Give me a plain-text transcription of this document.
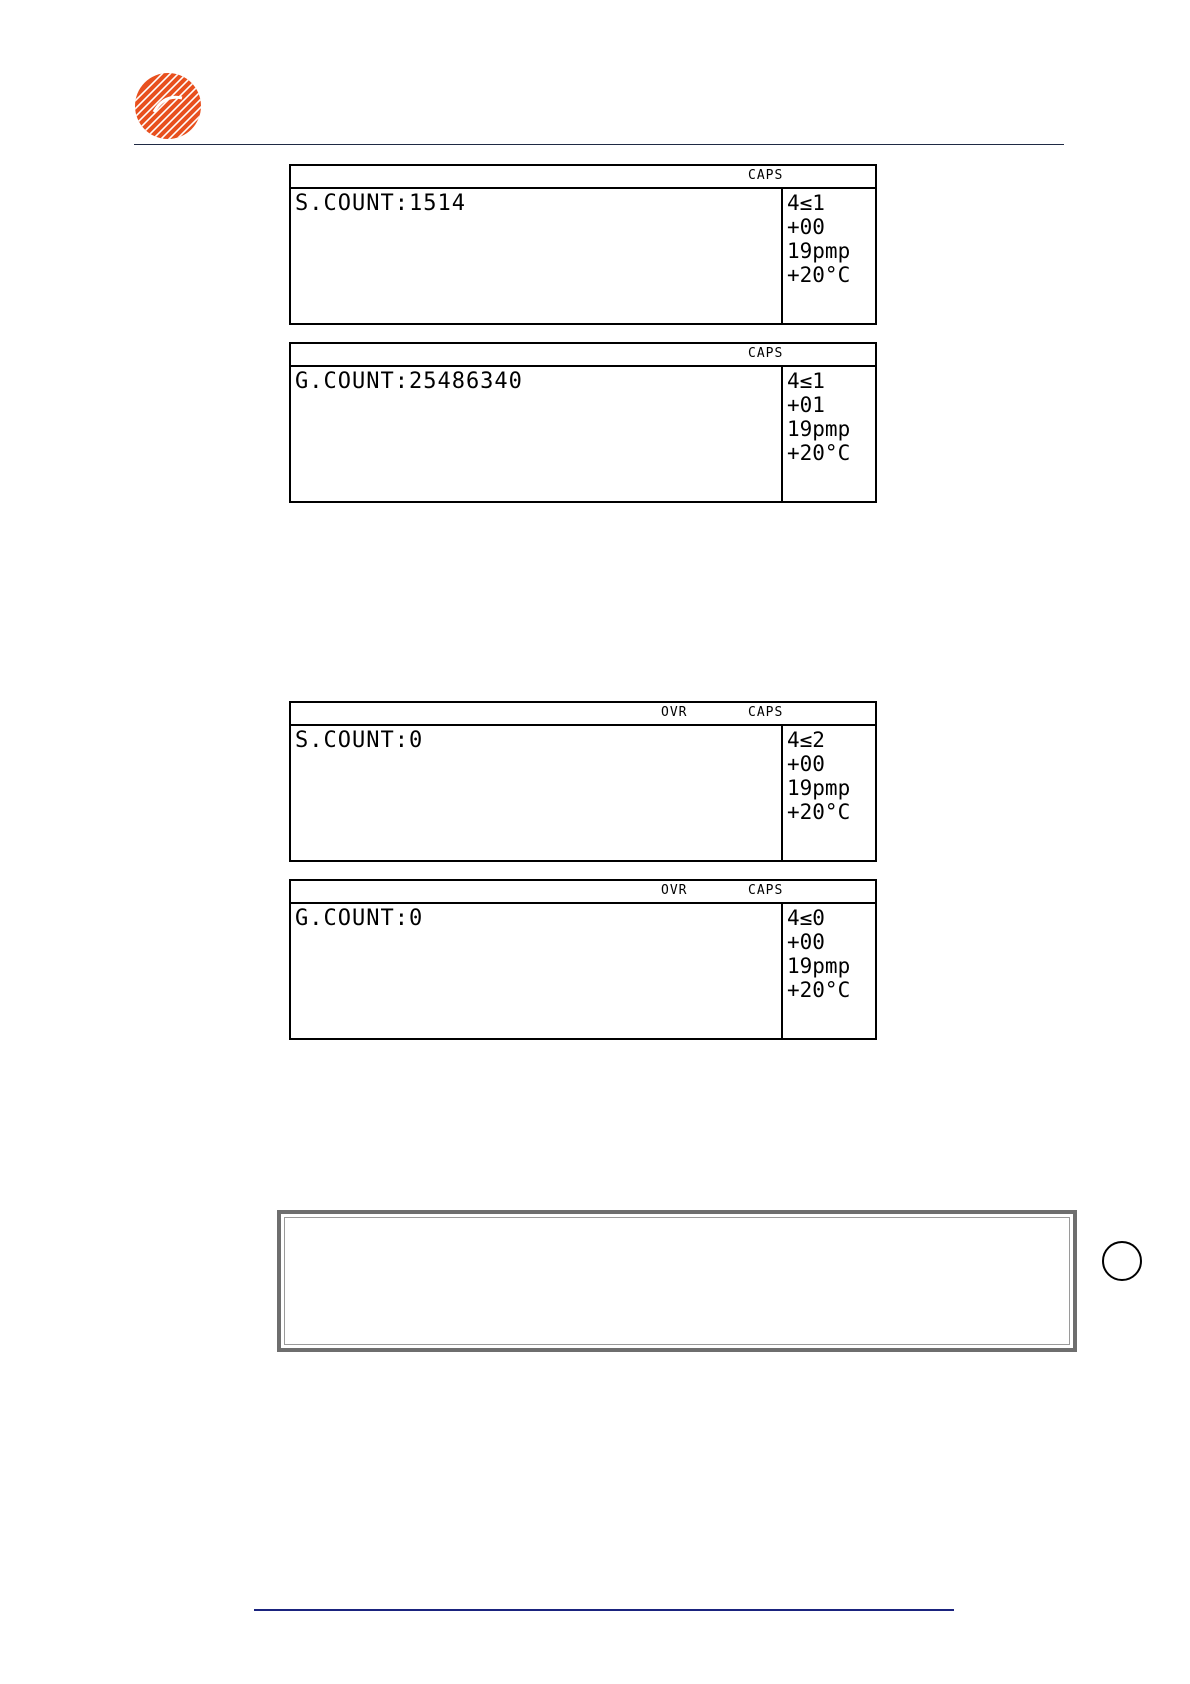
CAPS
S.COUNT:1514	4≤1
+00
19pmp
+20°C
CAPS
G.COUNT:25486340	4≤1
+01
19pmp
+20°C
OVR	CAPS
S.COUNT:0	4≤2
+00
19pmp
+20°C
OVR	CAPS
G.COUNT:0	4≤0
+00
19pmp
+20°C
